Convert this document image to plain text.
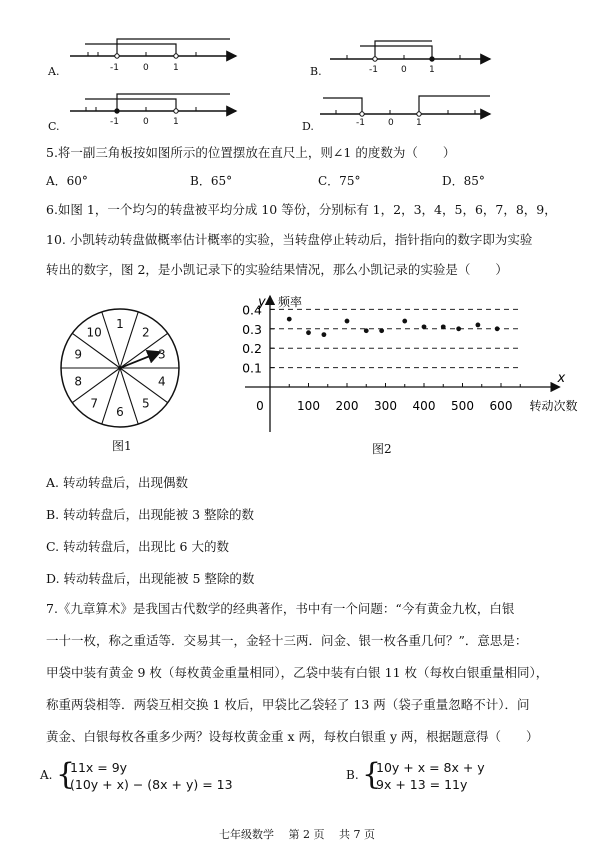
A.	-1	0	1	B.	-1	0 1
C.	-1	0	1	D.	-1	0 1
5.将一副三角板按如图所示的位置摆放在直尺上，则∠1 的度数为（　　）
A．60°	B．65°	C．75°	D．85°
6.如图 1，一个均匀的转盘被平均分成 10 等份，分别标有 1，2，3，4，5，6，7，8，9，
10. 小凯转动转盘做概率估计概率的实验，当转盘停止转动后，指针指向的数字即为实验
转出的数字，图 2，是小凯记录下的实验结果情况，那么小凯记录的实验是（　　）
1
2
3
4
5
6
7
8
9
10
图1
100 200 300 400 500 600
0.1
0.2
0.3
0.4
0
y 频率
x
转动次数
图2
A. 转动转盘后，出现偶数
B. 转动转盘后，出现能被 3 整除的数
C. 转动转盘后，出现比 6 大的数
D. 转动转盘后，出现能被 5 整除的数
7.《九章算术》是我国古代数学的经典著作，书中有一个问题：“今有黄金九枚，白银
一十一枚，称之重适等．交易其一，金轻十三两．问金、银一枚各重几何？”．意思是：
甲袋中装有黄金 9 枚（每枚黄金重量相同），乙袋中装有白银 11 枚（每枚白银重量相同），
称重两袋相等．两袋互相交换 1 枚后，甲袋比乙袋轻了 13 两（袋子重量忽略不计）．问
黄金、白银每枚各重多少两？设每枚黄金重 x 两，每枚白银重 y 两，根据题意得（　　）
A. {
11x = 9y
(10y + x) − (8x + y) = 13
B. {
10y + x = 8x + y
9x + 13 = 11y
七年级数学　 第 2 页　 共 7 页
